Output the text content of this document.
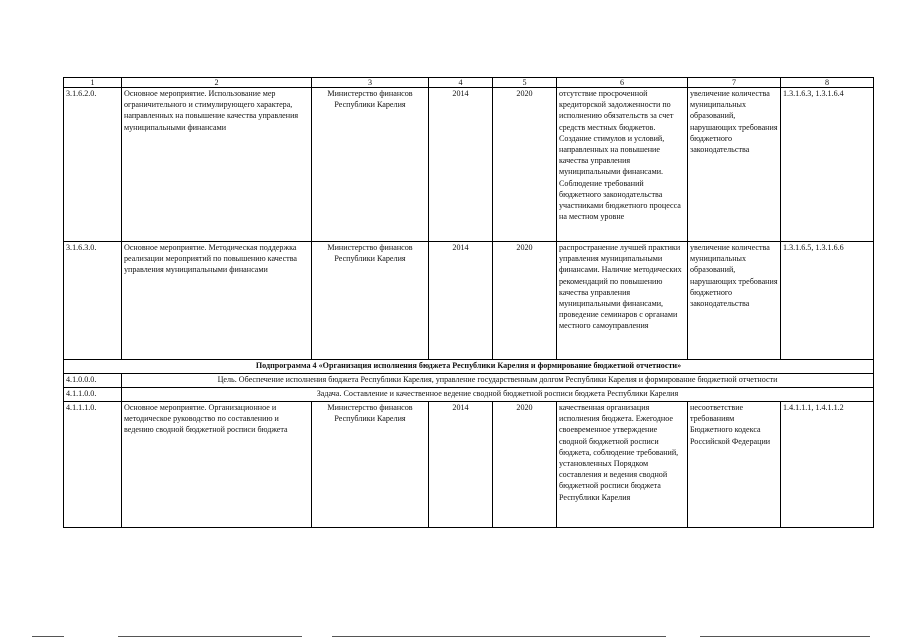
1	2	3	4	5	6	7	8
3.1.6.2.0.	Основное мероприятие. Использование мер ограничительного и стимулирующего характера, направленных на повышение качества управления муниципальными финансами	Министерство финансов Республики Карелия	2014	2020	отсутствие просроченной кредиторской задолженности по исполнению обязательств за счет средств местных бюджетов. Создание стимулов и условий, направленных на повышение качества управления муниципальными финансами. Соблюдение требований бюджетного законодательства участниками бюджетного процесса на местном уровне	увеличение количества муниципальных образований, нарушающих требования бюджетного законодательства	1.3.1.6.3, 1.3.1.6.4
3.1.6.3.0.	Основное мероприятие. Методическая поддержка реализации мероприятий по повышению качества управления муниципальными финансами	Министерство финансов Республики Карелия	2014	2020	распространение лучшей практики управления муниципальными финансами. Наличие методических рекомендаций по повышению качества управления муниципальными финансами, проведение семинаров с органами местного самоуправления	увеличение количества муниципальных образований, нарушающих требования бюджетного законодательства	1.3.1.6.5, 1.3.1.6.6
Подпрограмма 4 «Организация исполнения бюджета Республики Карелия и формирование бюджетной отчетности»							
4.1.0.0.0.	Цель. Обеспечение исполнения бюджета Республики Карелия, управление государственным долгом Республики Карелия и формирование бюджетной отчетности						
4.1.1.0.0.	Задача. Составление и качественное ведение сводной бюджетной росписи бюджета Республики Карелия						
4.1.1.1.0.	Основное мероприятие. Организационное и методическое руководство по составлению и ведению сводной бюджетной росписи бюджета	Министерство финансов Республики Карелия	2014	2020	качественная организация исполнения бюджета. Ежегодное своевременное утверждение сводной бюджетной росписи бюджета, соблюдение требований, установленных Порядком составления и ведения сводной бюджетной росписи бюджета Республики Карелия	несоответствие требованиям Бюджетного кодекса Российской Федерации	1.4.1.1.1, 1.4.1.1.2
